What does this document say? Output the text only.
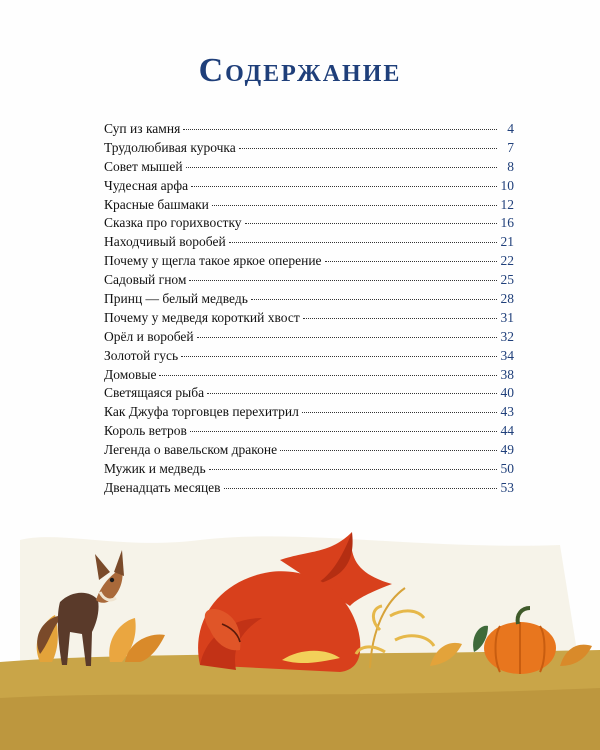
Содержание
Суп из камня	4
Трудолюбивая курочка	7
Совет мышей	8
Чудесная арфа	10
Красные башмаки	12
Сказка про горихвостку	16
Находчивый воробей	21
Почему у щегла такое яркое оперение	22
Садовый гном	25
Принц — белый медведь	28
Почему у медведя короткий хвост	31
Орёл и воробей	32
Золотой гусь	34
Домовые	38
Светящаяся рыба	40
Как Джуфа торговцев перехитрил	43
Король ветров	44
Легенда о вавельском драконе	49
Мужик и медведь	50
Двенадцать месяцев	53
